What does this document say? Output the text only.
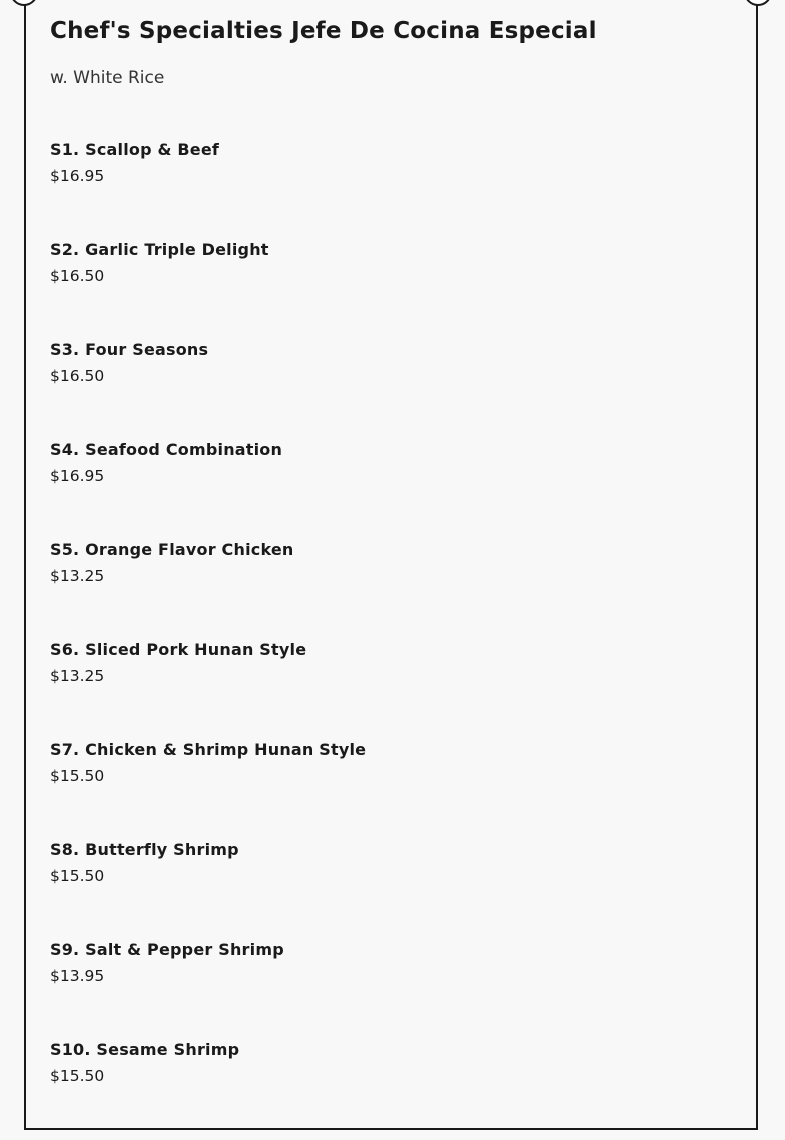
Chef's Specialties Jefe De Cocina Especial

w. White Rice

S1. Scallop & Beef
$16.95
S2. Garlic Triple Delight
$16.50
S3. Four Seasons
$16.50
S4. Seafood Combination
$16.95
S5. Orange Flavor Chicken
$13.25
S6. Sliced Pork Hunan Style
$13.25
S7. Chicken & Shrimp Hunan Style
$15.50
S8. Butterfly Shrimp
$15.50
S9. Salt & Pepper Shrimp
$13.95
S10. Sesame Shrimp
$15.50
